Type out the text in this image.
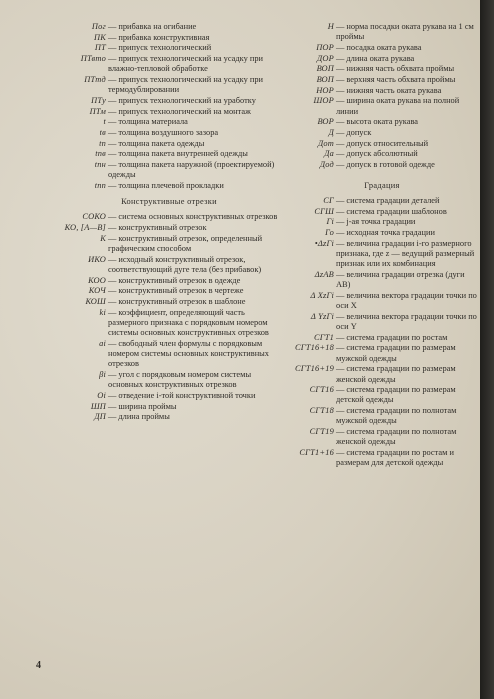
Пог — прибавка на огибание
ПК — прибавка конструктивная
ПТ — припуск технологический
ПТвто — припуск технологический на усадку при влажно-тепловой обработке
ПТтд — припуск технологический на усадку при термодублировании
ПТу — припуск технологический на уработку
ПТм — припуск технологический на монтаж
t — толщина материала
tв — толщина воздушного зазора
tп — толщина пакета одежды
tпв — толщина пакета внутренней одежды
tпн — толщина пакета наружной (проектируемой) одежды
tпп — толщина плечевой прокладки
Конструктивные отрезки
СОКО — система основных конструктивных отрезков
КО, [A—B] — конструктивный отрезок
К — конструктивный отрезок, определенный графическим способом
ИКО — исходный конструктивный отрезок, соответствующий дуге тела (без прибавок)
КОО — конструктивный отрезок в одежде
КОЧ — конструктивный отрезок в чертеже
КОШ — конструктивный отрезок в шаблоне
ki — коэффициент, определяющий часть размерного признака с порядковым номером системы основных конструктивных отрезков
ai — свободный член формулы с порядковым номером системы основных конструктивных отрезков
βi — угол с порядковым номером системы основных конструктивных отрезков
Oi — отведение i-той конструктивной точки
ШП — ширина проймы
ДП — длина проймы
Н — норма посадки оката рукава на 1 см проймы
ПОР — посадка оката рукава
ДОР — длина оката рукава
ВОП — нижняя часть обхвата проймы
ВОП — верхняя часть обхвата проймы
НОР — нижняя часть оката рукава
ШОР — ширина оката рукава на полной линии
ВОР — высота оката рукава
Д — допуск
Дот — допуск относительный
Да — допуск абсолютный
Дод — допуск в готовой одежде
Градация
СГ — система градации деталей
СГШ — система градации шаблонов
Гi — j-ая точка градации
Го — исходная точка градации
•ΔzГi — величина градации i-го размерного признака, где z — ведущий размерный признак или их комбинация
ΔzАВ — величина градации отрезка (дуги АВ)
Δ XzГi — величина вектора градации точки по оси X
Δ YzГi — величина вектора градации точки по оси Y
СГТ1 — система градации по ростам
СГТ16+18 — система градации по размерам мужской одежды
СГТ16+19 — система градации по размерам женской одежды
СГТ16 — система градации по размерам детской одежды
СГТ18 — система градации по полнотам мужской одежды
СГТ19 — система градации по полнотам женской одежды
СГТ1+16 — система градации по ростам и размерам для детской одежды
4
